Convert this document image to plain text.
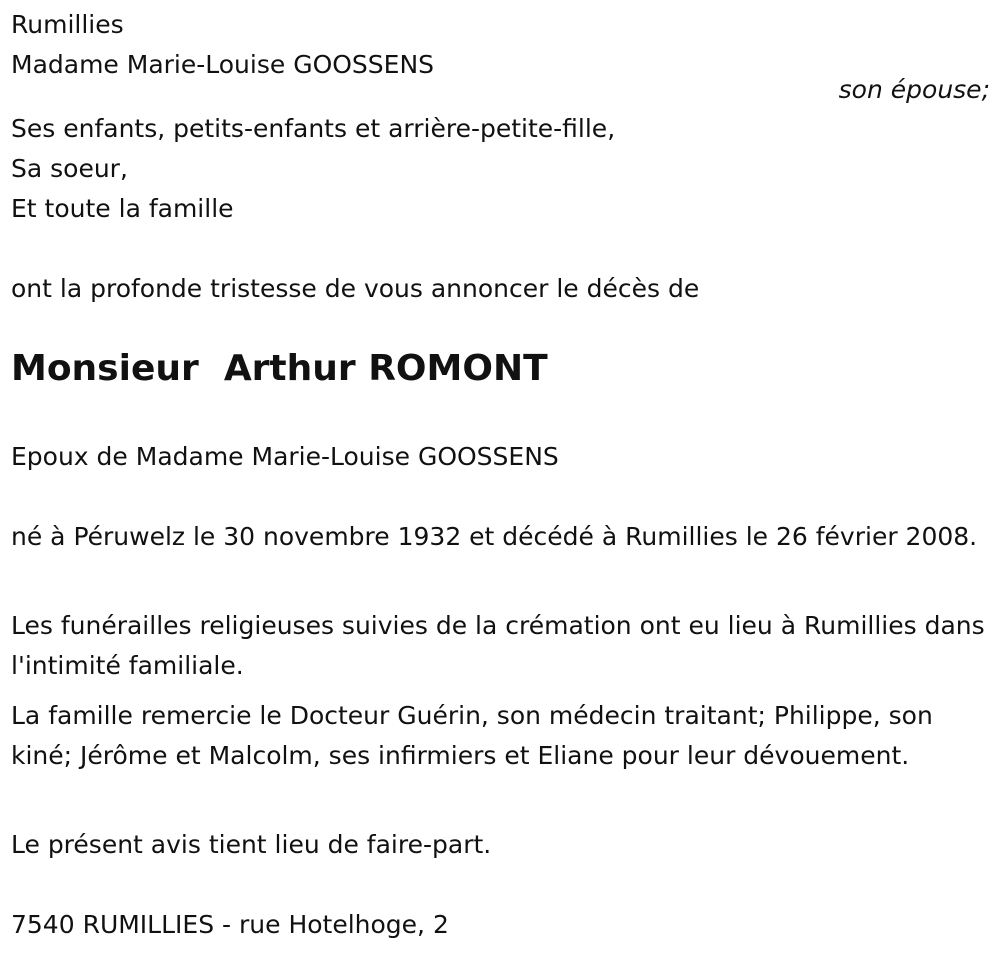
Rumillies

Madame Marie-Louise GOOSSENS

son épouse;

Ses enfants, petits-enfants et arrière-petite-fille,

Sa soeur,

Et toute la famille

ont la profonde tristesse de vous annoncer le décès de

Monsieur  Arthur ROMONT

Epoux de Madame Marie-Louise GOOSSENS

né à Péruwelz le 30 novembre 1932 et décédé à Rumillies le 26 février 2008.

Les funérailles religieuses suivies de la crémation ont eu lieu à Rumillies dans l'intimité familiale.

La famille remercie le Docteur Guérin, son médecin traitant; Philippe, son kiné; Jérôme et Malcolm, ses infirmiers et Eliane pour leur dévouement.

Le présent avis tient lieu de faire-part.

7540 RUMILLIES - rue Hotelhoge, 2
